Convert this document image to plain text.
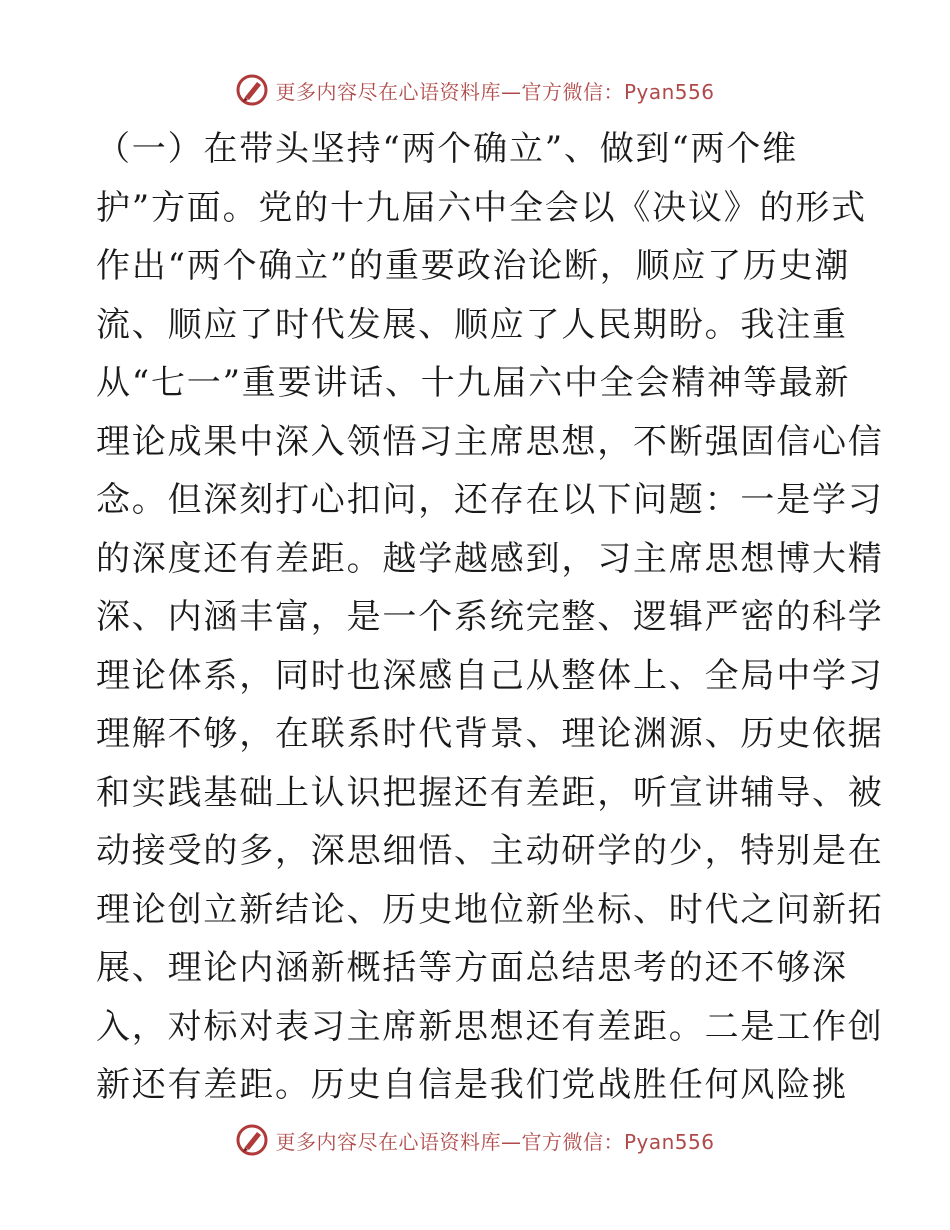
更多内容尽在心语资料库—官方微信：Pyan556
（一）在带头坚持“两个确立”、做到“两个维
护”方面。党的十九届六中全会以《决议》的形式
作出“两个确立”的重要政治论断，顺应了历史潮
流、顺应了时代发展、顺应了人民期盼。我注重
从“七一”重要讲话、十九届六中全会精神等最新
理论成果中深入领悟习主席思想，不断强固信心信
念。但深刻打心扣问，还存在以下问题：一是学习
的深度还有差距。越学越感到，习主席思想博大精
深、内涵丰富，是一个系统完整、逻辑严密的科学
理论体系，同时也深感自己从整体上、全局中学习
理解不够，在联系时代背景、理论渊源、历史依据
和实践基础上认识把握还有差距，听宣讲辅导、被
动接受的多，深思细悟、主动研学的少，特别是在
理论创立新结论、历史地位新坐标、时代之问新拓
展、理论内涵新概括等方面总结思考的还不够深
入，对标对表习主席新思想还有差距。二是工作创
新还有差距。历史自信是我们党战胜任何风险挑
更多内容尽在心语资料库—官方微信：Pyan556
